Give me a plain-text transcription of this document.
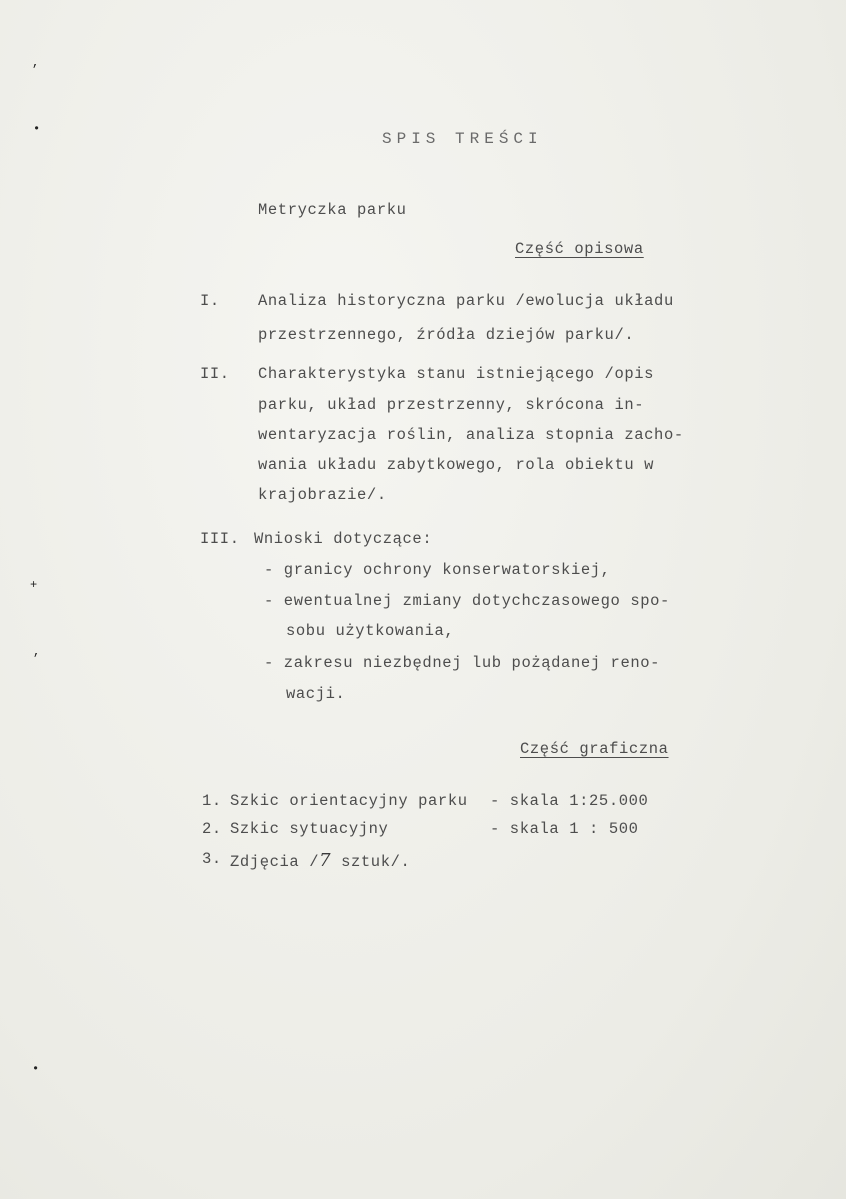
,
•
+
,
•
SPIS TREŚCI
Metryczka parku
Część opisowa
I. Analiza historyczna parku /ewolucja układu
przestrzennego, źródła dziejów parku/.
II. Charakterystyka stanu istniejącego /opis
parku, układ przestrzenny, skrócona in-
wentaryzacja roślin, analiza stopnia zacho-
wania układu zabytkowego, rola obiektu w
krajobrazie/.
III. Wnioski dotyczące:
- granicy ochrony konserwatorskiej,
- ewentualnej zmiany dotychczasowego spo-
sobu użytkowania,
- zakresu niezbędnej lub pożądanej reno-
wacji.
Część graficzna
1. Szkic orientacyjny parku - skala 1:25.000
2. Szkic sytuacyjny	- skala 1 : 500
3. Zdjęcia /7 sztuk/.
